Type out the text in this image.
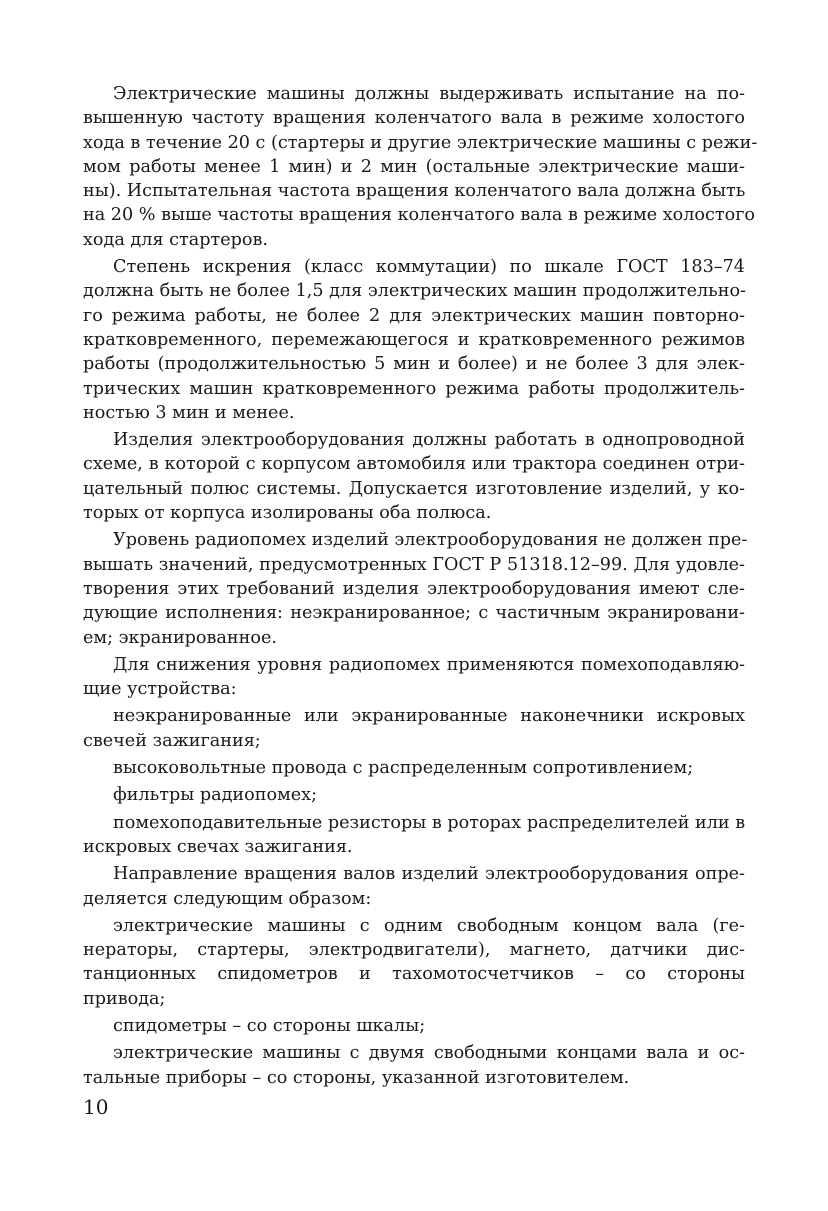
Электрические машины должны выдерживать испытание на по-
вышенную частоту вращения коленчатого вала в режиме холостого
хода в течение 20 с (стартеры и другие электрические машины с режи-
мом работы менее 1 мин) и 2 мин (остальные электрические маши-
ны). Испытательная частота вращения коленчатого вала должна быть
на 20 % выше частоты вращения коленчатого вала в режиме холостого
хода для стартеров.
Степень искрения (класс коммутации) по шкале ГОСТ 183–74
должна быть не более 1,5 для электрических машин продолжительно-
го режима работы, не более 2 для электрических машин повторно-
кратковременного, перемежающегося и кратковременного режимов
работы (продолжительностью 5 мин и более) и не более 3 для элек-
трических машин кратковременного режима работы продолжитель-
ностью 3 мин и менее.
Изделия электрооборудования должны работать в однопроводной
схеме, в которой с корпусом автомобиля или трактора соединен отри-
цательный полюс системы. Допускается изготовление изделий, у ко-
торых от корпуса изолированы оба полюса.
Уровень радиопомех изделий электрооборудования не должен пре-
вышать значений, предусмотренных ГОСТ Р 51318.12–99. Для удовле-
творения этих требований изделия электрооборудования имеют сле-
дующие исполнения: неэкранированное; с частичным экранировани-
ем; экранированное.
Для снижения уровня радиопомех применяются помехоподавляю-
щие устройства:
неэкранированные или экранированные наконечники искровых
свечей зажигания;
высоковольтные провода с распределенным сопротивлением;
фильтры радиопомех;
помехоподавительные резисторы в роторах распределителей или в
искровых свечах зажигания.
Направление вращения валов изделий электрооборудования опре-
деляется следующим образом:
электрические машины с одним свободным концом вала (ге-
нераторы, стартеры, электродвигатели), магнето, датчики дис-
танционных спидометров и тахомотосчетчиков – со стороны
привода;
спидометры – со стороны шкалы;
электрические машины с двумя свободными концами вала и ос-
тальные приборы – со стороны, указанной изготовителем.
10
